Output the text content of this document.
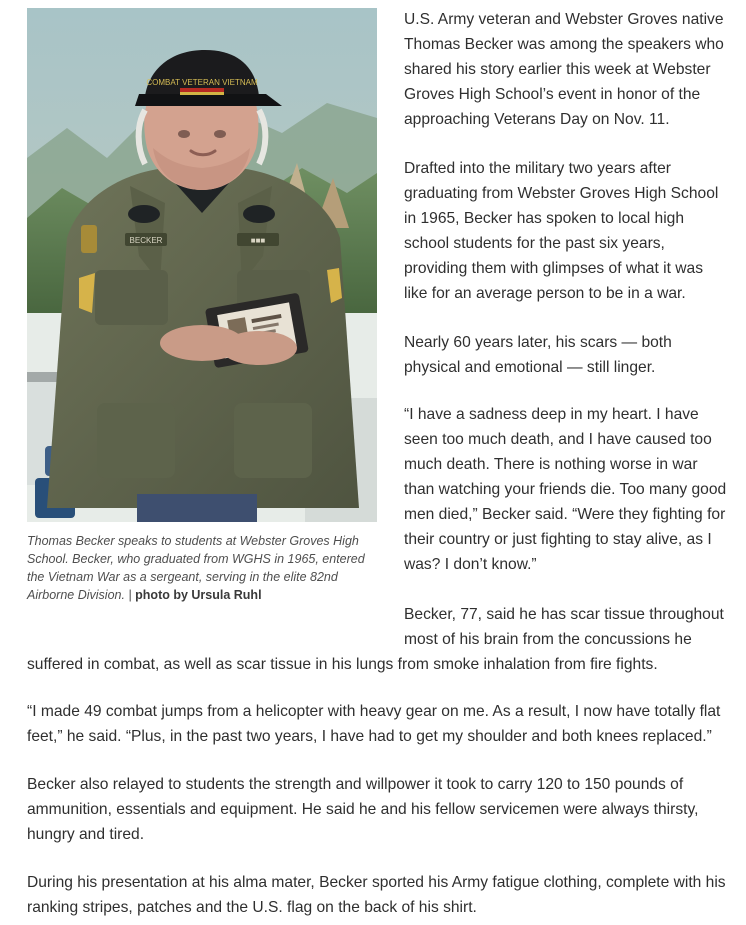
BECKER	■■■
COMBAT VETERAN VIETNAM
Thomas Becker speaks to students at Webster Groves High School. Becker, who graduated from WGHS in 1965, entered the Vietnam War as a sergeant, serving in the elite 82nd Airborne Division. | photo by Ursula Ruhl

U.S. Army veteran and Webster Groves native Thomas Becker was among the speakers who shared his story earlier this week at Webster Groves High School’s event in honor of the approaching Veterans Day on Nov. 11.

Drafted into the military two years after graduating from Webster Groves High School in 1965, Becker has spoken to local high school students for the past six years, providing them with glimpses of what it was like for an average person to be in a war.

Nearly 60 years later, his scars — both physical and emotional — still linger.

“I have a sadness deep in my heart. I have seen too much death, and I have caused too much death. There is nothing worse in war than watching your friends die. Too many good men died,” Becker said. “Were they fighting for their country or just fighting to stay alive, as I was? I don’t know.”

Becker, 77, said he has scar tissue throughout most of his brain from the concussions he

suffered in combat, as well as scar tissue in his lungs from smoke inhalation from fire fights.

“I made 49 combat jumps from a helicopter with heavy gear on me. As a result, I now have totally flat feet,” he said. “Plus, in the past two years, I have had to get my shoulder and both knees replaced.”

Becker also relayed to students the strength and willpower it took to carry 120 to 150 pounds of ammunition, essentials and equipment. He said he and his fellow servicemen were always thirsty, hungry and tired.

During his presentation at his alma mater, Becker sported his Army fatigue clothing, complete with his ranking stripes, patches and the U.S. flag on the back of his shirt.
